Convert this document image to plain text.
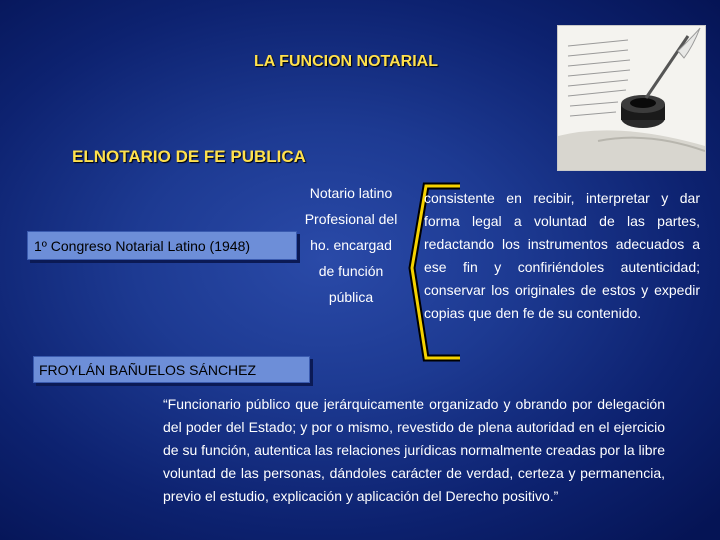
LA FUNCION NOTARIAL
ELNOTARIO DE FE PUBLICA
1º Congreso Notarial Latino (1948)
Notario latino
Profesional del
ho. encargad
de función
pública
consistente en recibir, interpretar y dar forma legal a voluntad de las partes, redactando los instrumentos adecuados a ese fin y confiriéndoles autenticidad; conservar los originales de estos y expedir copias que den fe de su contenido.
FROYLÁN BAÑUELOS SÁNCHEZ
“Funcionario público que jerárquicamente organizado y obrando por delegación del poder del Estado; y por o mismo, revestido de plena autoridad en el ejercicio de su función, autentica las relaciones jurídicas normalmente creadas por la libre voluntad de las personas, dándoles carácter de verdad, certeza y permanencia, previo el estudio, explicación y aplicación del Derecho positivo.”
